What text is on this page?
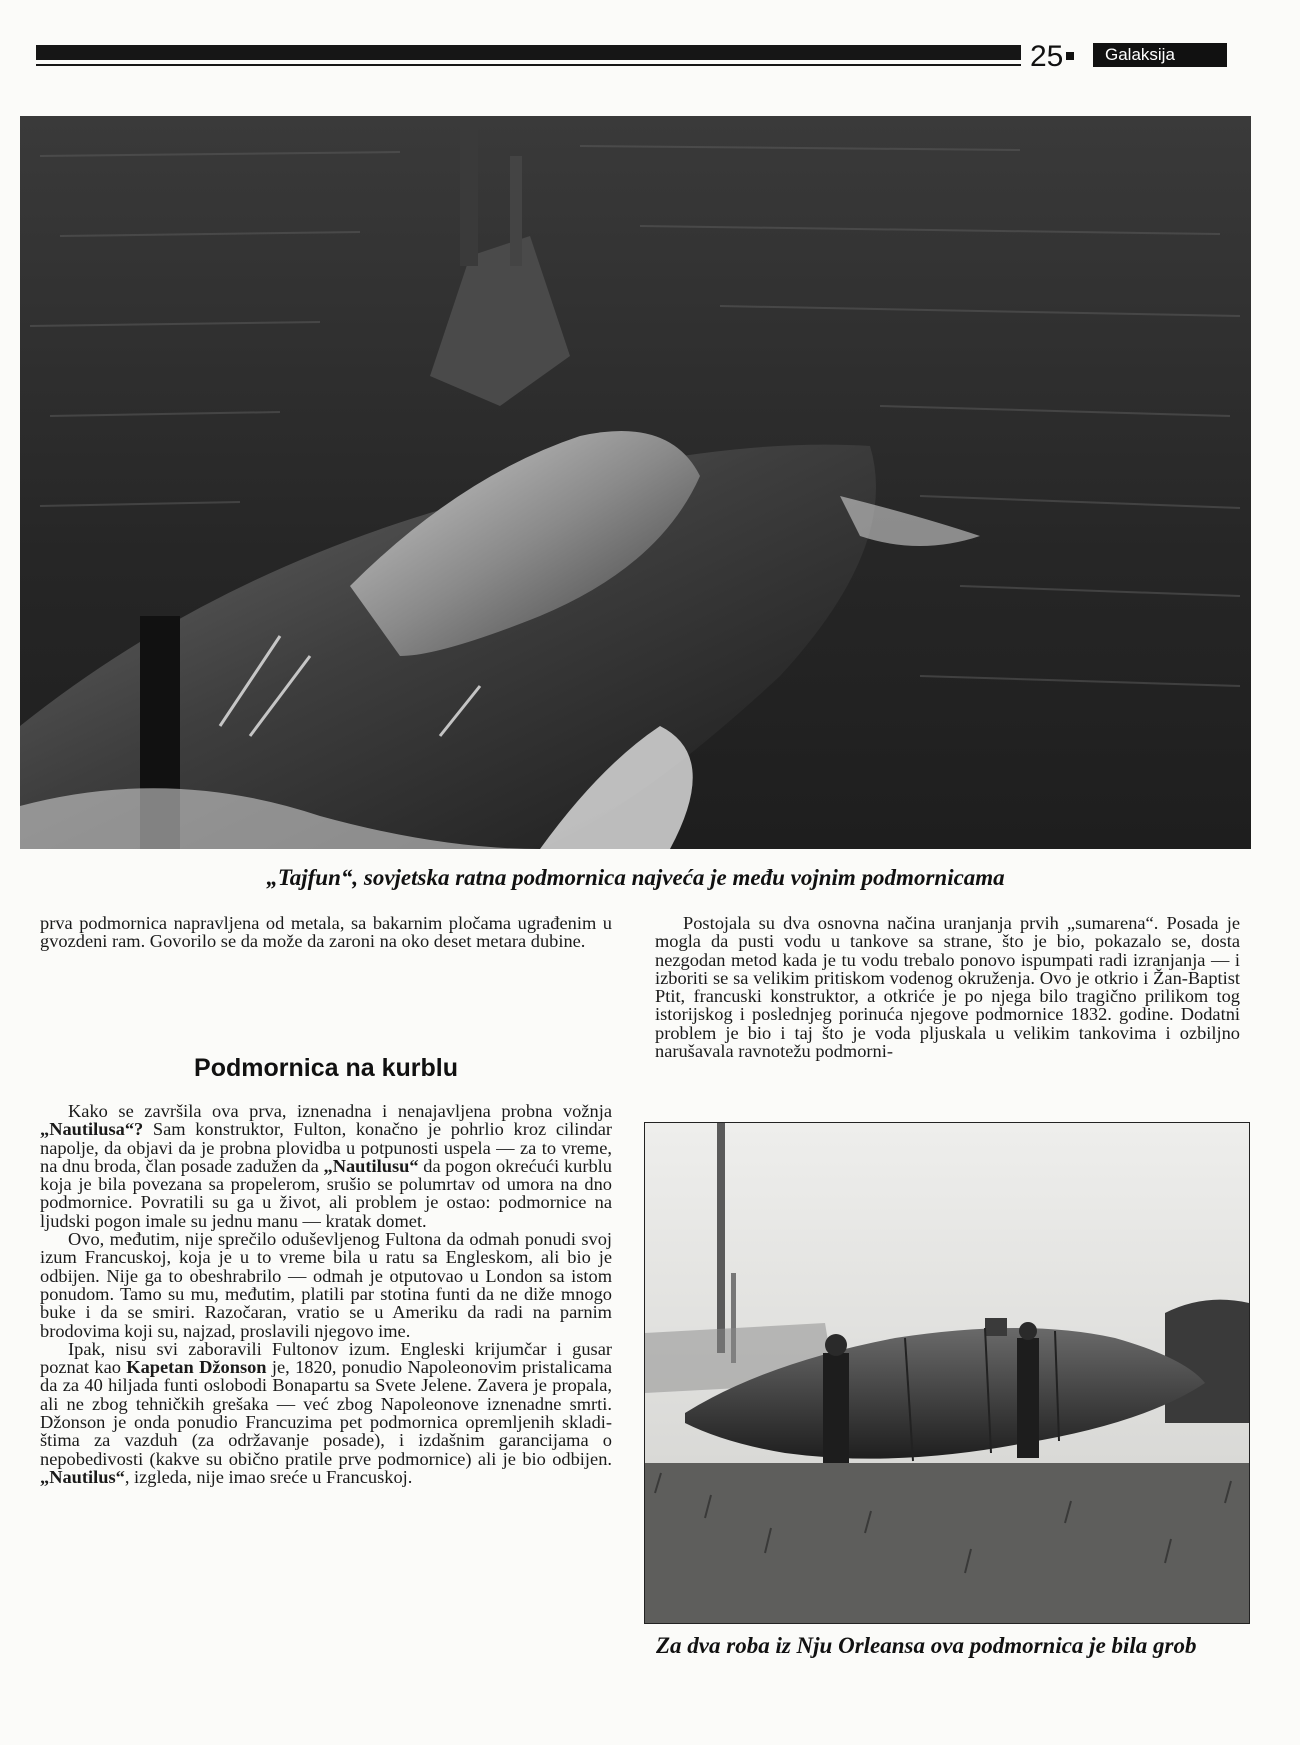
25	Galaksija
„Tajfun“, sovjetska ratna podmornica najveća je među vojnim podmornicama

prva podmornica napravljena od metala, sa bakarnim pločama ugrađenim u gvozdeni ram. Govorilo se da može da zaroni na oko deset metara dubine.

Podmornica na kurblu

Kako se završila ova prva, iznenadna i nenajavljena probna vožnja „Nautilusa“? Sam konstruktor, Fulton, konačno je pohrlio kroz cilindar napolje, da objavi da je probna plovidba u potpunosti uspela — za to vreme, na dnu broda, član posade zadužen da „Nautilusu“ da pogon okrećući kurblu koja je bila povezana sa propelerom, srušio se polumrtav od umora na dno podmornice. Povratili su ga u život, ali problem je ostao: podmornice na ljudski pogon imale su jednu manu — kratak domet.

Ovo, međutim, nije sprečilo oduševljenog Fultona da odmah ponudi svoj izum Francuskoj, koja je u to vreme bila u ratu sa Engleskom, ali bio je odbijen. Nije ga to obeshrabrilo — odmah je otputovao u London sa istom ponudom. Tamo su mu, međutim, platili par stotina funti da ne diže mnogo buke i da se smiri. Razočaran, vratio se u Ameriku da radi na parnim brodovima koji su, najzad, proslavili njegovo ime.

Ipak, nisu svi zaboravili Fultonov izum. Engleski krijumčar i gusar poznat kao Kapetan Džonson je, 1820, ponudio Napoleonovim pristalicama da za 40 hiljada funti oslobodi Bonapartu sa Svete Jelene. Zavera je propala, ali ne zbog tehničkih grešaka — već zbog Napoleonove iznenadne smrti. Džonson je onda ponudio Francuzima pet podmornica opremljenih skladištima za vazduh (za održavanje posade), i izdašnim garancijama o nepobedivosti (kakve su obično pratile prve podmornice) ali je bio odbijen. „Nautilus“, izgleda, nije imao sreće u Francuskoj.

Postojala su dva osnovna načina uranjanja prvih „sumarena“. Posada je mogla da pusti vodu u tankove sa strane, što je bio, pokazalo se, dosta nezgodan metod kada je tu vodu trebalo ponovo ispumpati radi izranjanja — i izboriti se sa velikim pritiskom vodenog okruženja. Ovo je otkrio i Žan-Baptist Ptit, francuski konstruktor, a otkriće je po njega bilo tragično prilikom tog istorijskog i poslednjeg porinuća njegove podmornice 1832. godine. Dodatni problem je bio i taj što je voda pljuskala u velikim tankovima i ozbiljno narušavala ravnotežu podmorni-

Za dva roba iz Nju Orleansa ova podmornica je bila grob
